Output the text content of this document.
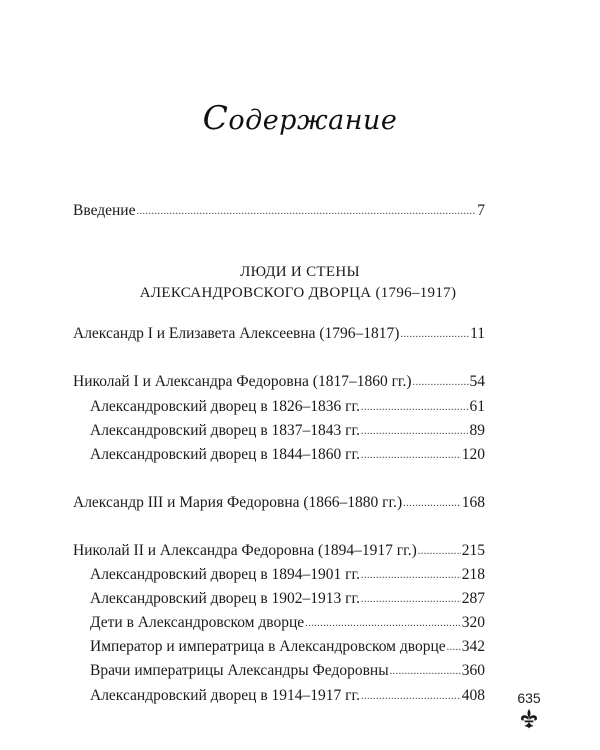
Содержание
Введение .....	7
ЛЮДИ И СТЕНЫ
АЛЕКСАНДРОВСКОГО ДВОРЦА (1796–1917)
Александр I и Елизавета Алексеевна (1796–1817) .....	11
Николай I и Александра Федоровна (1817–1860 гг.) .....	54
Александровский дворец в 1826–1836 гг. .....	61
Александровский дворец в 1837–1843 гг. .....	89
Александровский дворец в 1844–1860 гг. .....	120
Александр III и Мария Федоровна (1866–1880 гг.) .....	168
Николай II и Александра Федоровна (1894–1917 гг.) .....	215
Александровский дворец в 1894–1901 гг. .....	218
Александровский дворец в 1902–1913 гг. .....	287
Дети в Александровском дворце .....	320
Император и императрица в Александровском дворце ..... 342
Врачи императрицы Александры Федоровны .....	360
Александровский дворец в 1914–1917 гг. .....	408	635
